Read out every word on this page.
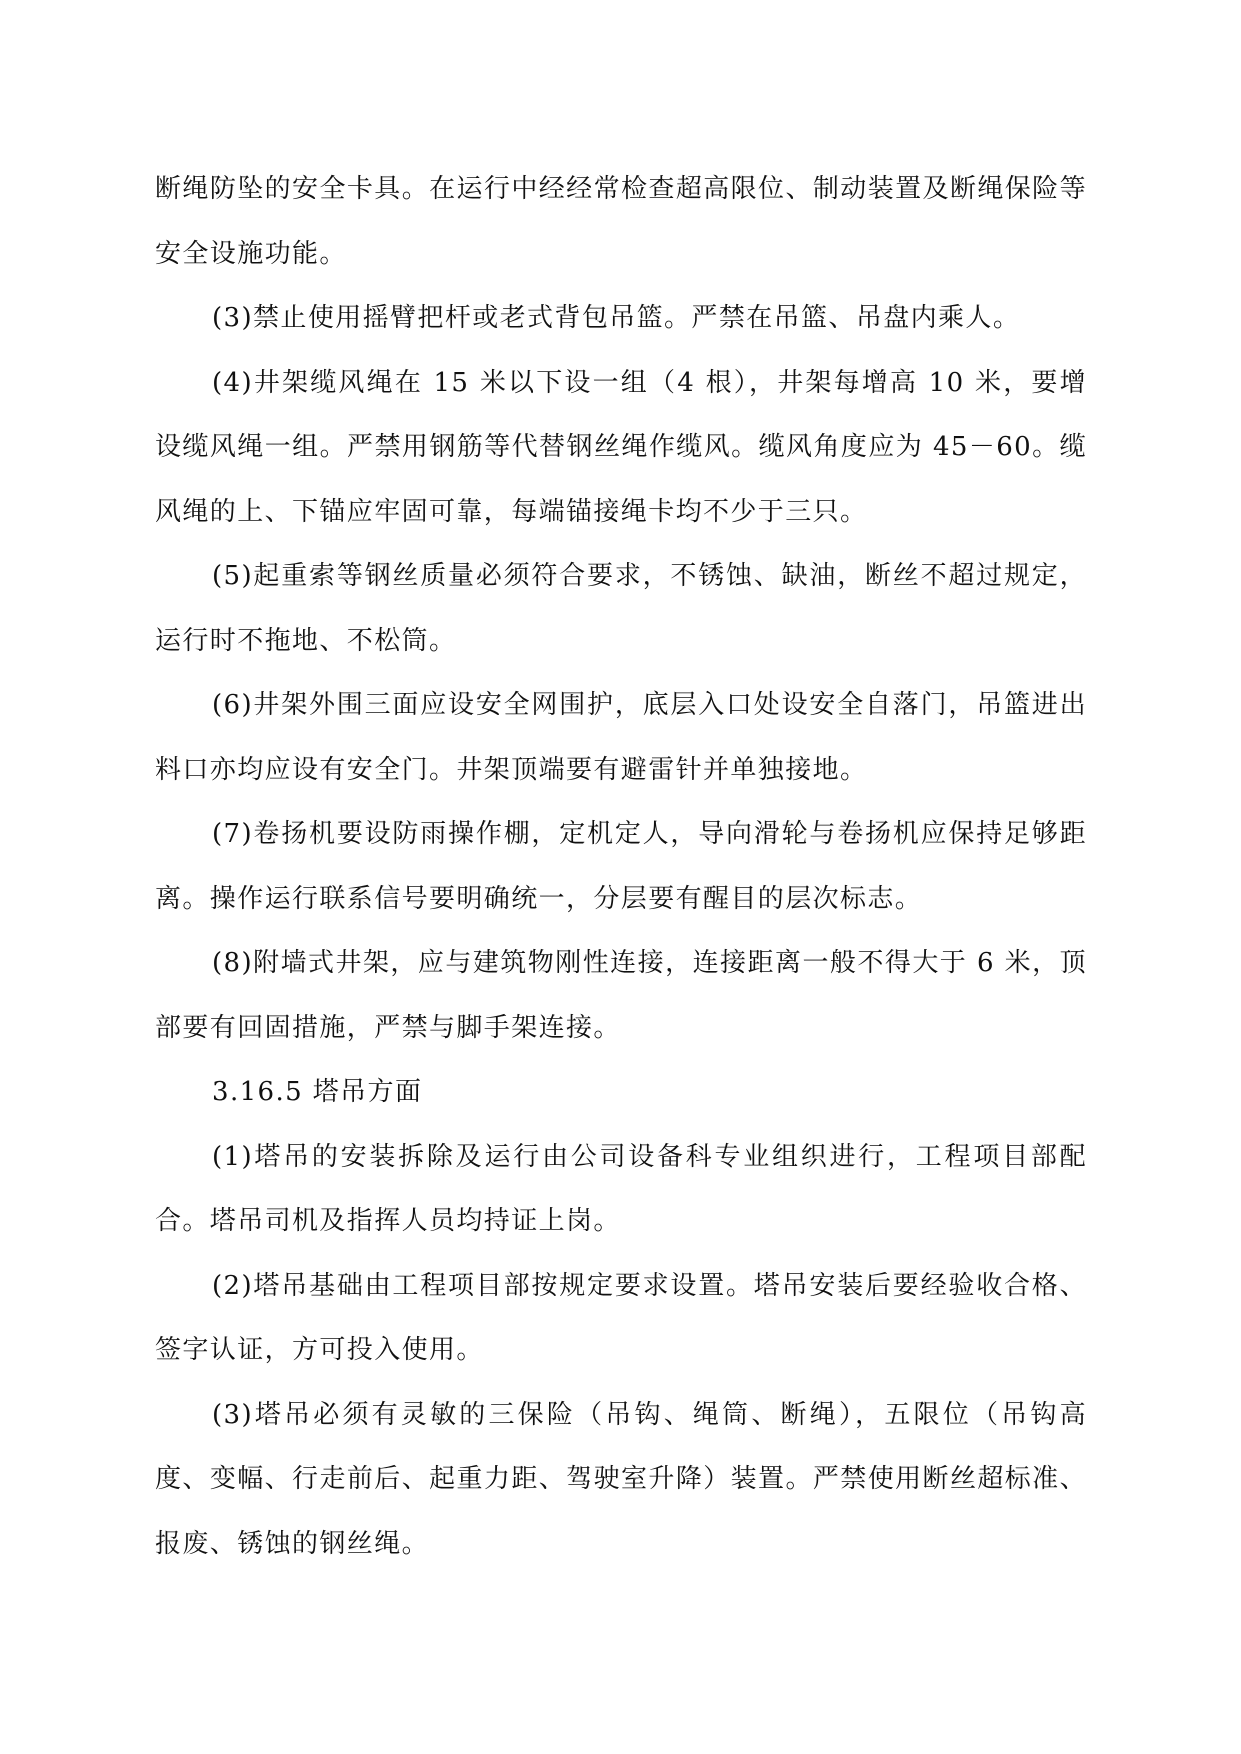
断绳防坠的安全卡具。在运行中经经常检查超高限位、制动装置及断绳保险等安全设施功能。

(3)禁止使用摇臂把杆或老式背包吊篮。严禁在吊篮、吊盘内乘人。

(4)井架缆风绳在 15 米以下设一组（4 根），井架每增高 10 米，要增设缆风绳一组。严禁用钢筋等代替钢丝绳作缆风。缆风角度应为 45－60。缆风绳的上、下锚应牢固可靠，每端锚接绳卡均不少于三只。

(5)起重索等钢丝质量必须符合要求，不锈蚀、缺油，断丝不超过规定，运行时不拖地、不松筒。

(6)井架外围三面应设安全网围护，底层入口处设安全自落门，吊篮进出料口亦均应设有安全门。井架顶端要有避雷针并单独接地。

(7)卷扬机要设防雨操作棚，定机定人，导向滑轮与卷扬机应保持足够距离。操作运行联系信号要明确统一，分层要有醒目的层次标志。

(8)附墙式井架，应与建筑物刚性连接，连接距离一般不得大于 6 米，顶部要有回固措施，严禁与脚手架连接。

3.16.5 塔吊方面

(1)塔吊的安装拆除及运行由公司设备科专业组织进行，工程项目部配合。塔吊司机及指挥人员均持证上岗。

(2)塔吊基础由工程项目部按规定要求设置。塔吊安装后要经验收合格、签字认证，方可投入使用。

(3)塔吊必须有灵敏的三保险（吊钩、绳筒、断绳），五限位（吊钩高度、变幅、行走前后、起重力距、驾驶室升降）装置。严禁使用断丝超标准、报废、锈蚀的钢丝绳。
